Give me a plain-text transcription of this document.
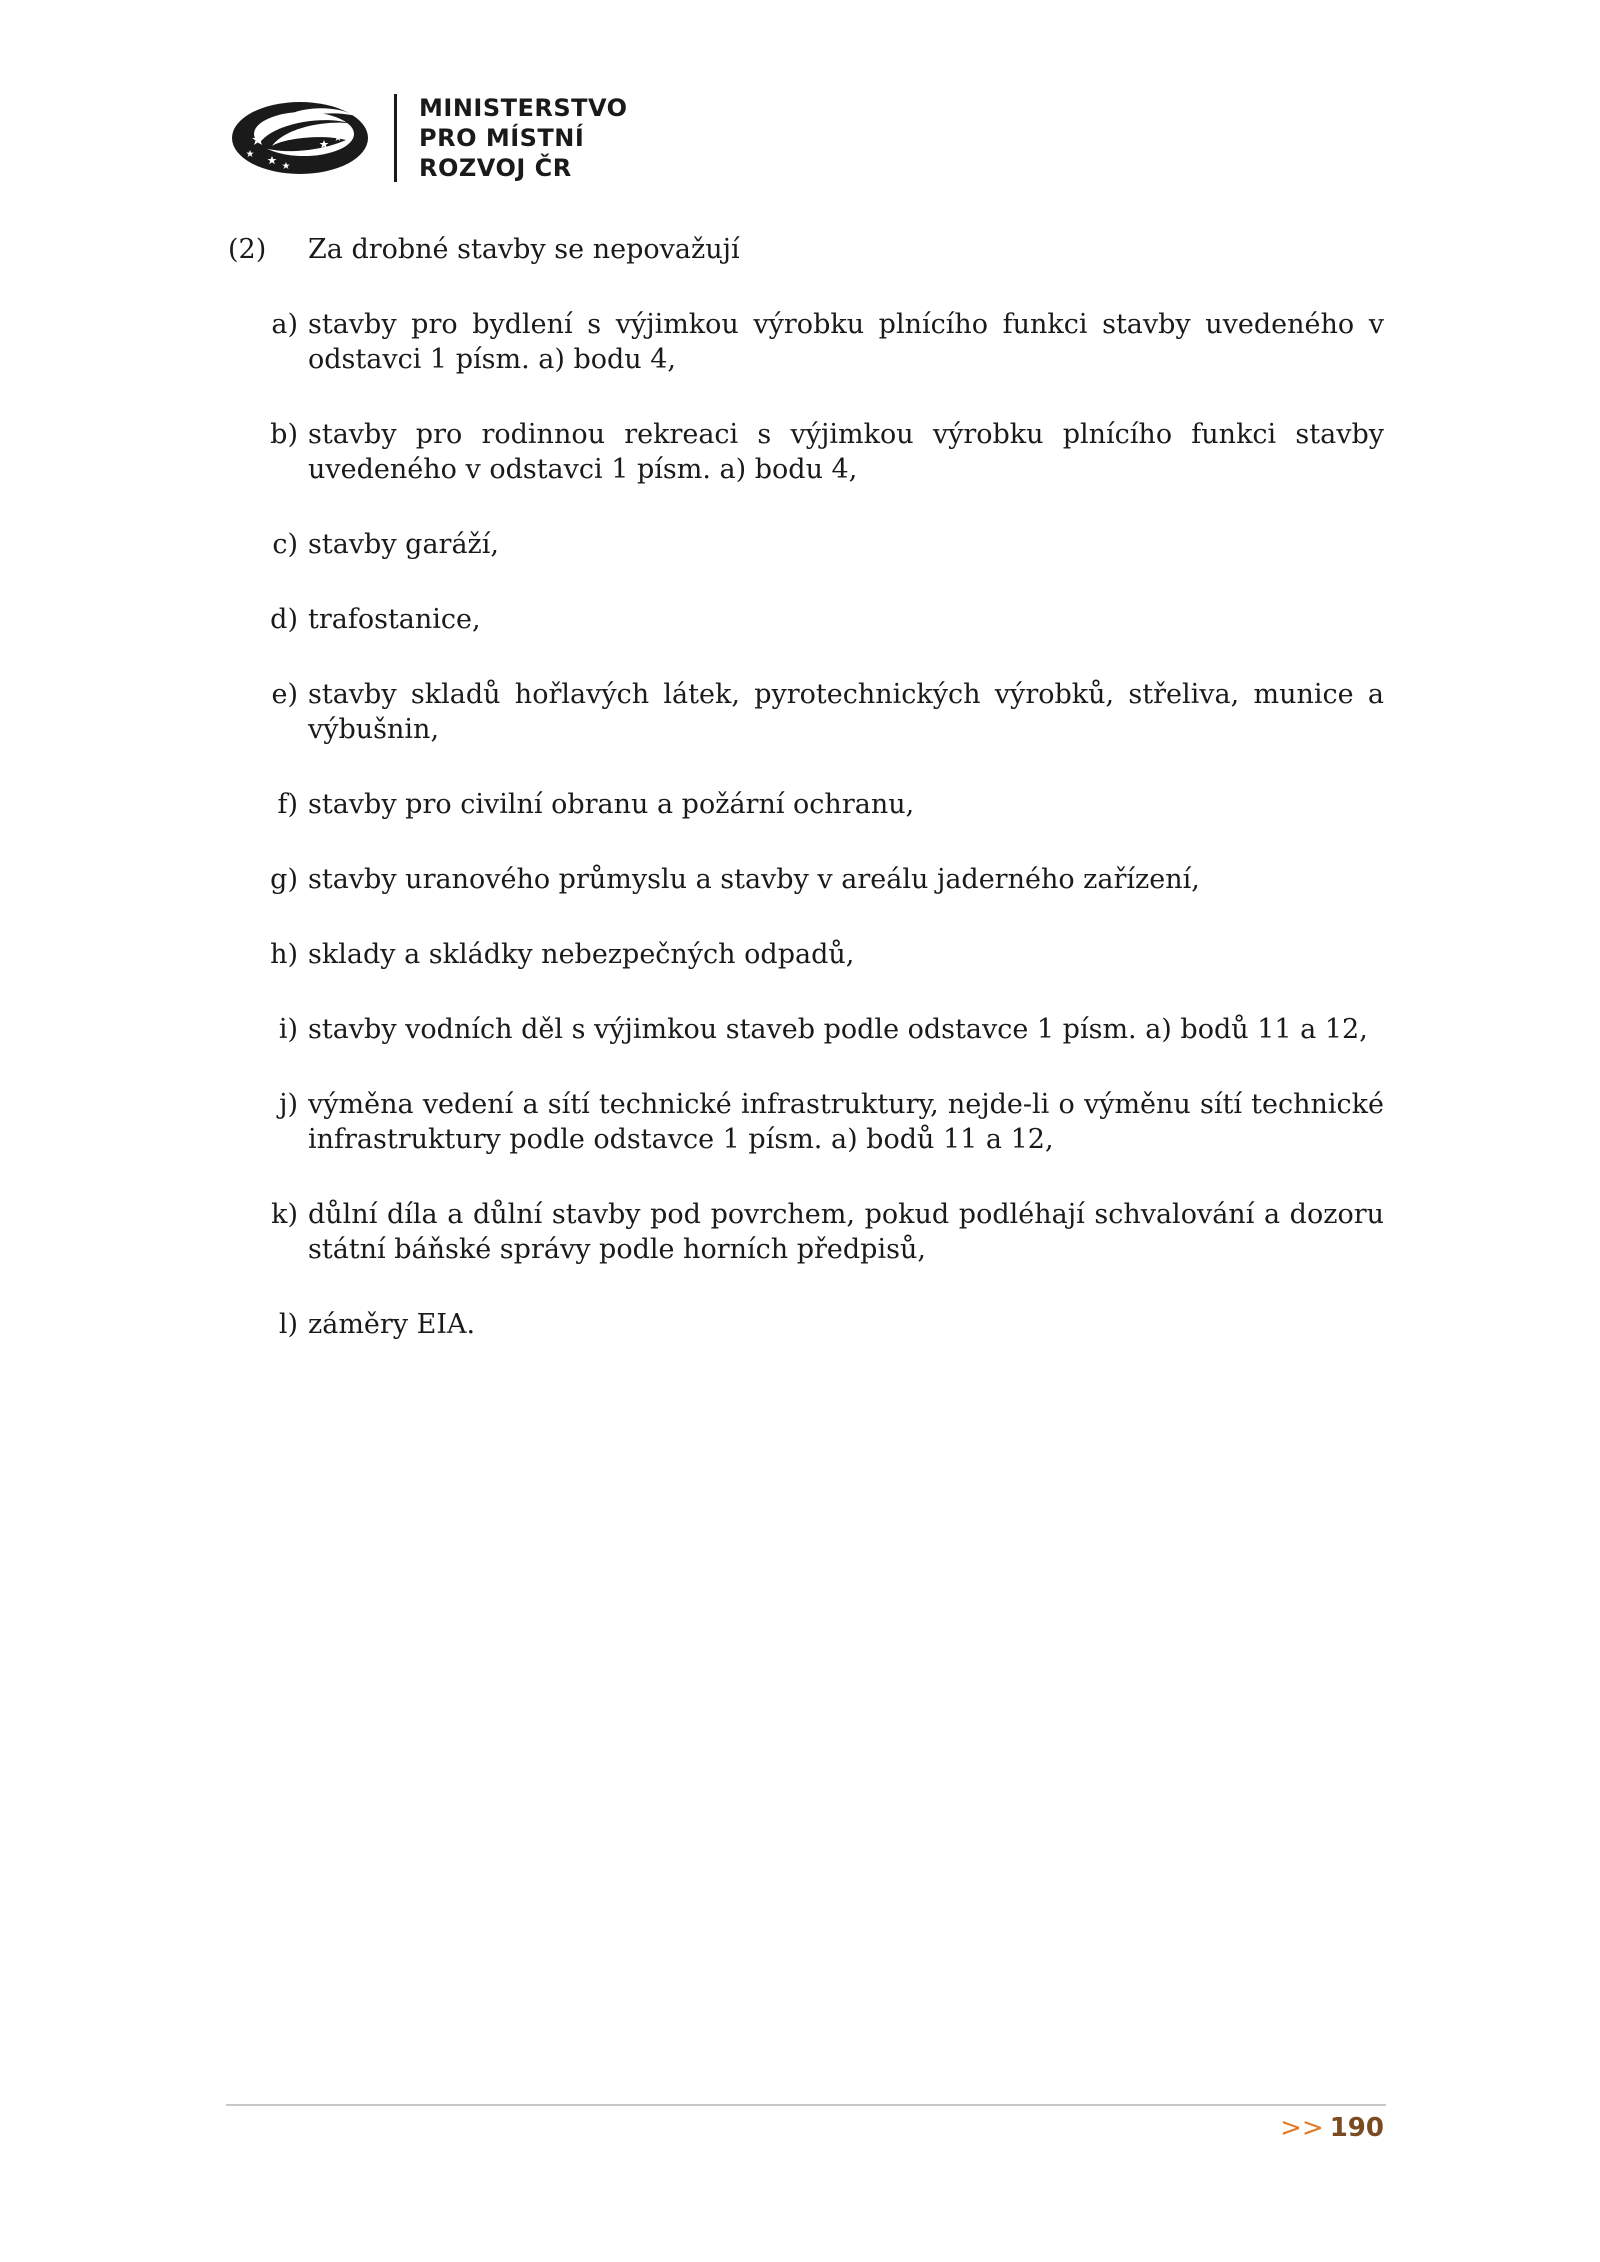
MINISTERSTVO
PRO MÍSTNÍ
ROZVOJ ČR
(2)	Za drobné stavby se nepovažují
a) stavby pro bydlení s výjimkou výrobku plnícího funkci stavby uvedeného v odstavci 1 písm. a) bodu 4,
b) stavby pro rodinnou rekreaci s výjimkou výrobku plnícího funkci stavby uvedeného v odstavci 1 písm. a) bodu 4,
c) stavby garáží,
d) trafostanice,
e) stavby skladů hořlavých látek, pyrotechnických výrobků, střeliva, munice a výbušnin,
f) stavby pro civilní obranu a požární ochranu,
g) stavby uranového průmyslu a stavby v areálu jaderného zařízení,
h) sklady a skládky nebezpečných odpadů,
i) stavby vodních děl s výjimkou staveb podle odstavce 1 písm. a) bodů 11 a 12,
j) výměna vedení a sítí technické infrastruktury, nejde-li o výměnu sítí technické infrastruktury podle odstavce 1 písm. a) bodů 11 a 12,
k) důlní díla a důlní stavby pod povrchem, pokud podléhají schvalování a dozoru státní báňské správy podle horních předpisů,
l) záměry EIA.
>> 190
